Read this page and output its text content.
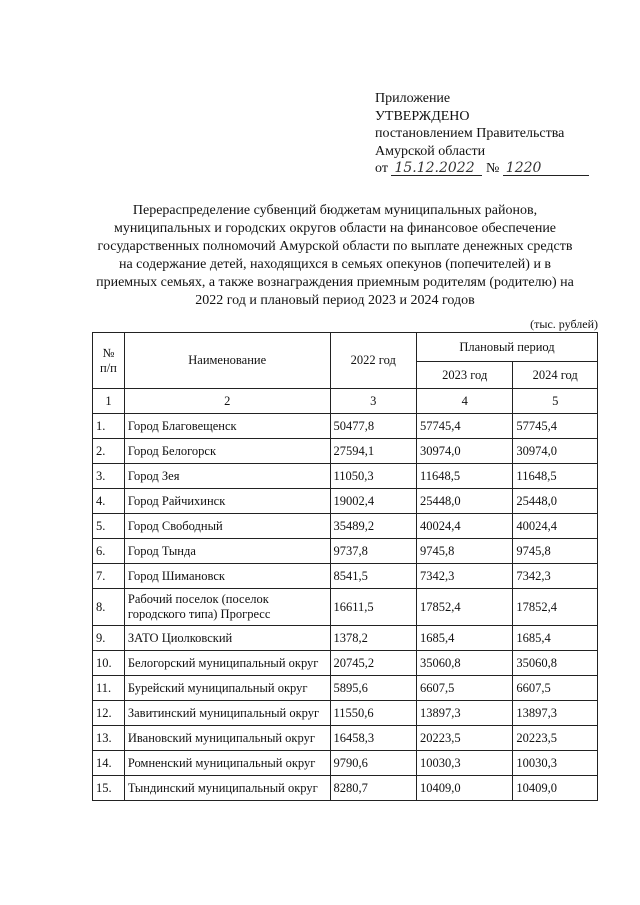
Приложение
УТВЕРЖДЕНО
постановлением Правительства
Амурской области
от 15.12.2022 № 1220
Перераспределение субвенций бюджетам муниципальных районов, муниципальных и городских округов области на финансовое обеспечение государственных полномочий Амурской области по выплате денежных средств на содержание детей, находящихся в семьях опекунов (попечителей) и в приемных семьях, а также вознаграждения приемным родителям (родителю) на 2022 год и плановый период 2023 и 2024 годов
(тыс. рублей)
№ п/п	Наименование	2022 год	Плановый период	
			2023 год	2024 год
1	2	3	4	5
1.	Город Благовещенск	50477,8	57745,4	57745,4
2.	Город Белогорск	27594,1	30974,0	30974,0
3.	Город Зея	11050,3	11648,5	11648,5
4.	Город Райчихинск	19002,4	25448,0	25448,0
5.	Город Свободный	35489,2	40024,4	40024,4
6.	Город Тында	9737,8	9745,8	9745,8
7.	Город Шимановск	8541,5	7342,3	7342,3
8.	Рабочий поселок (поселок городского типа) Прогресс	16611,5	17852,4	17852,4
9.	ЗАТО Циолковский	1378,2	1685,4	1685,4
10.	Белогорский муниципальный округ	20745,2	35060,8	35060,8
11.	Бурейский муниципальный округ	5895,6	6607,5	6607,5
12.	Завитинский муниципальный округ	11550,6	13897,3	13897,3
13.	Ивановский муниципальный округ	16458,3	20223,5	20223,5
14.	Ромненский муниципальный округ	9790,6	10030,3	10030,3
15.	Тындинский муниципальный округ	8280,7	10409,0	10409,0
